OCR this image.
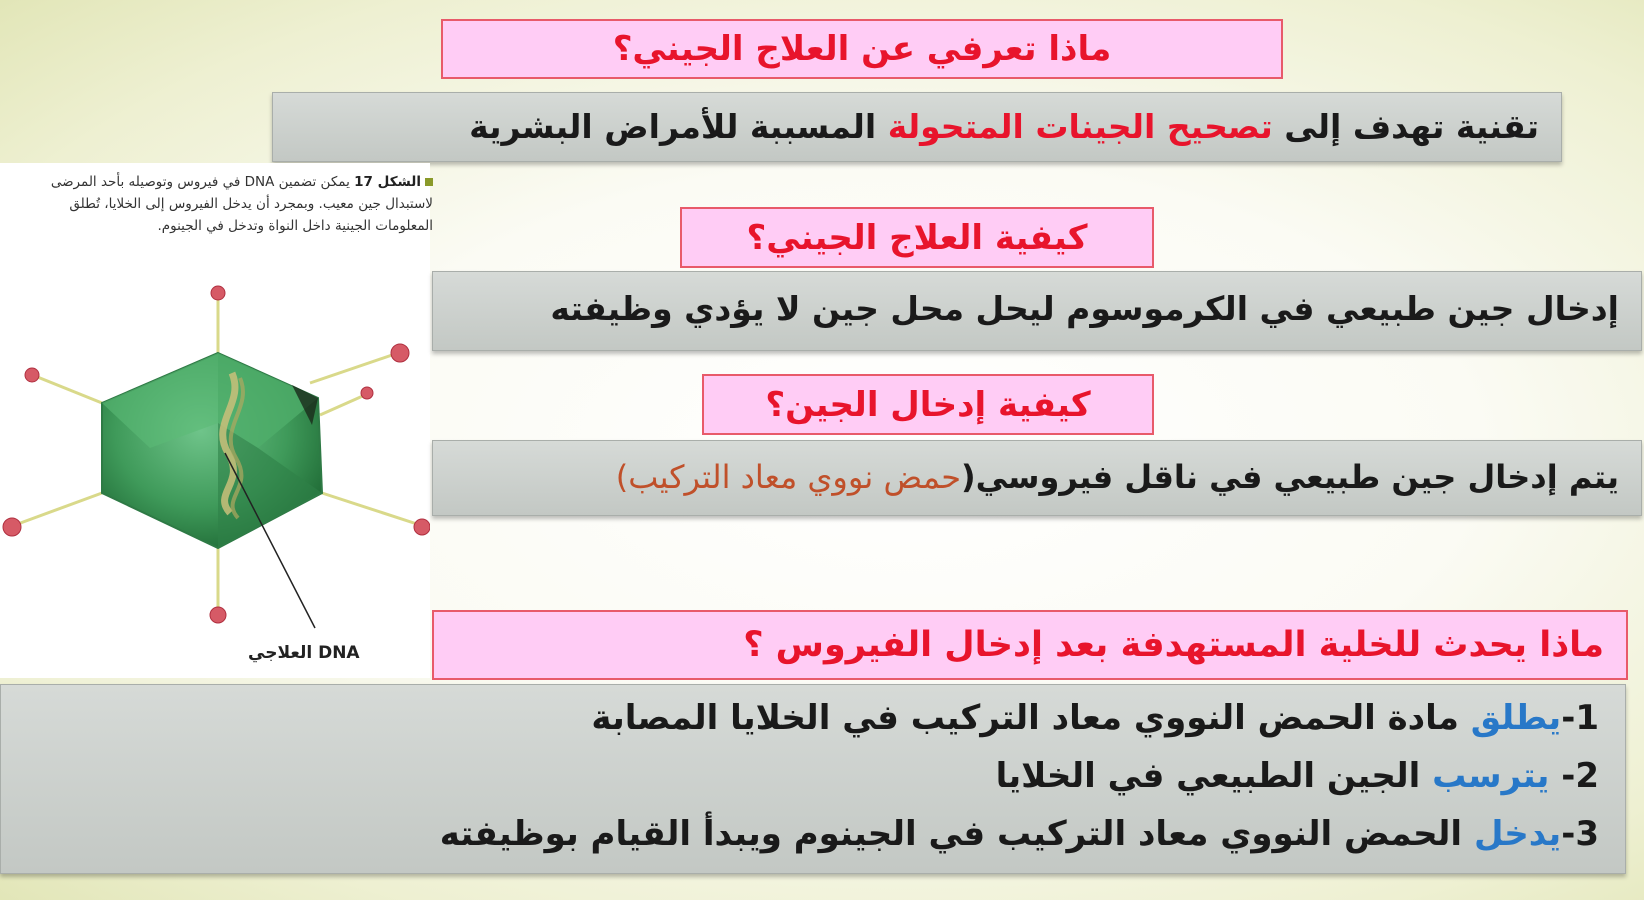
ماذا تعرفي عن العلاج الجيني؟
تقنية تهدف إلى تصحيح الجينات المتحولة المسببة للأمراض البشرية
الشكل 17 يمكن تضمين DNA في فيروس وتوصيله بأحد المرضى لاستبدال جين معيب. وبمجرد أن يدخل الفيروس إلى الخلايا، تُطلق المعلومات الجينية داخل النواة وتدخل في الجينوم.
DNA العلاجي
كيفية العلاج الجيني؟
إدخال جين طبيعي في الكرموسوم ليحل محل جين لا يؤدي وظيفته
كيفية إدخال الجين؟
يتم إدخال جين طبيعي في ناقل فيروسي(حمض نووي معاد التركيب)
ماذا يحدث للخلية المستهدفة بعد إدخال الفيروس ؟
1-يطلق مادة الحمض النووي معاد التركيب في الخلايا المصابة
2- يترسب الجين الطبيعي في الخلايا
3-يدخل الحمض النووي معاد التركيب في الجينوم ويبدأ القيام بوظيفته
